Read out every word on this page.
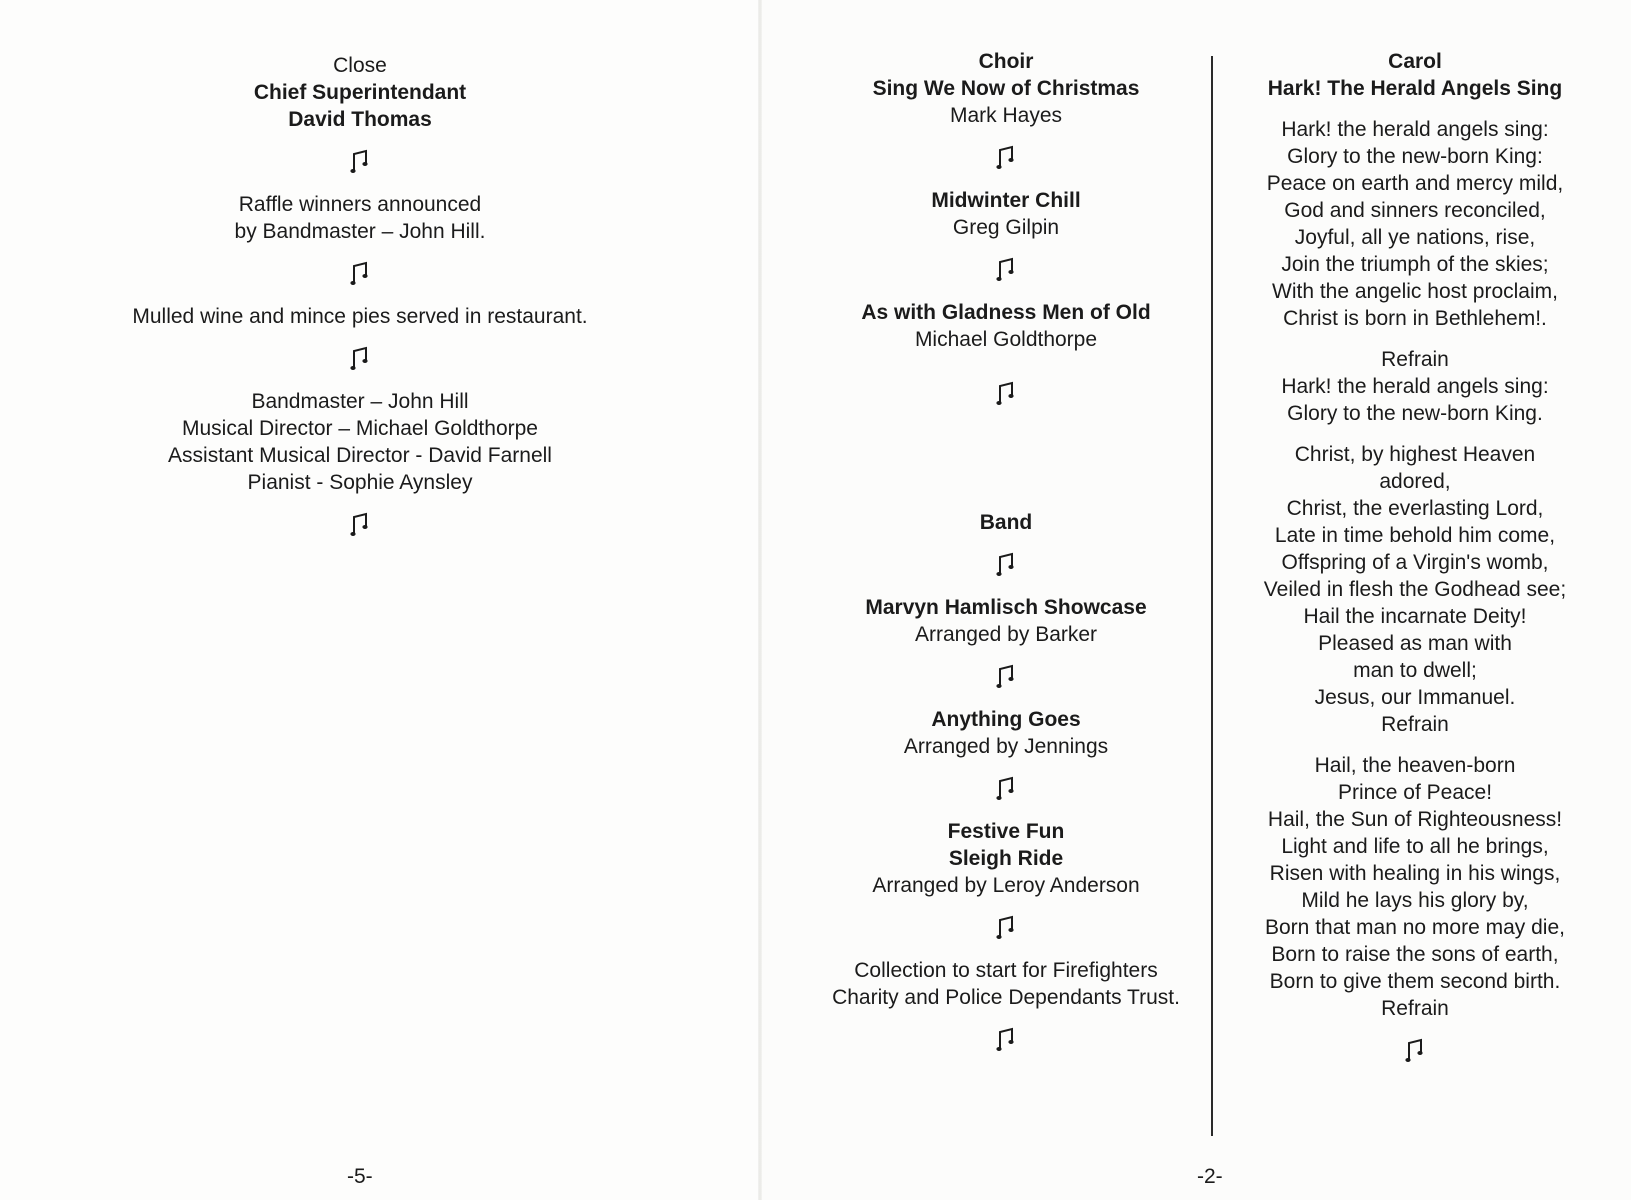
Close
Chief Superintendant
David Thomas
Raffle winners announced
by Bandmaster – John Hill.
Mulled wine and mince pies served in restaurant.
Bandmaster – John Hill
Musical Director – Michael Goldthorpe
Assistant Musical Director - David Farnell
Pianist - Sophie Aynsley
-5-
Choir
Sing We Now of Christmas
Mark Hayes
Midwinter Chill
Greg Gilpin
As with Gladness Men of Old
Michael Goldthorpe
Band
Marvyn Hamlisch Showcase
Arranged by Barker
Anything Goes
Arranged by Jennings
Festive Fun
Sleigh Ride
Arranged by Leroy Anderson
Collection to start for Firefighters
Charity and Police Dependants Trust.
Carol
Hark! The Herald Angels Sing
Hark! the herald angels sing:
Glory to the new-born King:
Peace on earth and mercy mild,
God and sinners reconciled,
Joyful, all ye nations, rise,
Join the triumph of the skies;
With the angelic host proclaim,
Christ is born in Bethlehem!.
Refrain
Hark! the herald angels sing:
Glory to the new-born King.
Christ, by highest Heaven
adored,
Christ, the everlasting Lord,
Late in time behold him come,
Offspring of a Virgin's womb,
Veiled in flesh the Godhead see;
Hail the incarnate Deity!
Pleased as man with
man to dwell;
Jesus, our Immanuel.
Refrain
Hail, the heaven-born
Prince of Peace!
Hail, the Sun of Righteousness!
Light and life to all he brings,
Risen with healing in his wings,
Mild he lays his glory by,
Born that man no more may die,
Born to raise the sons of earth,
Born to give them second birth.
Refrain
-2-
